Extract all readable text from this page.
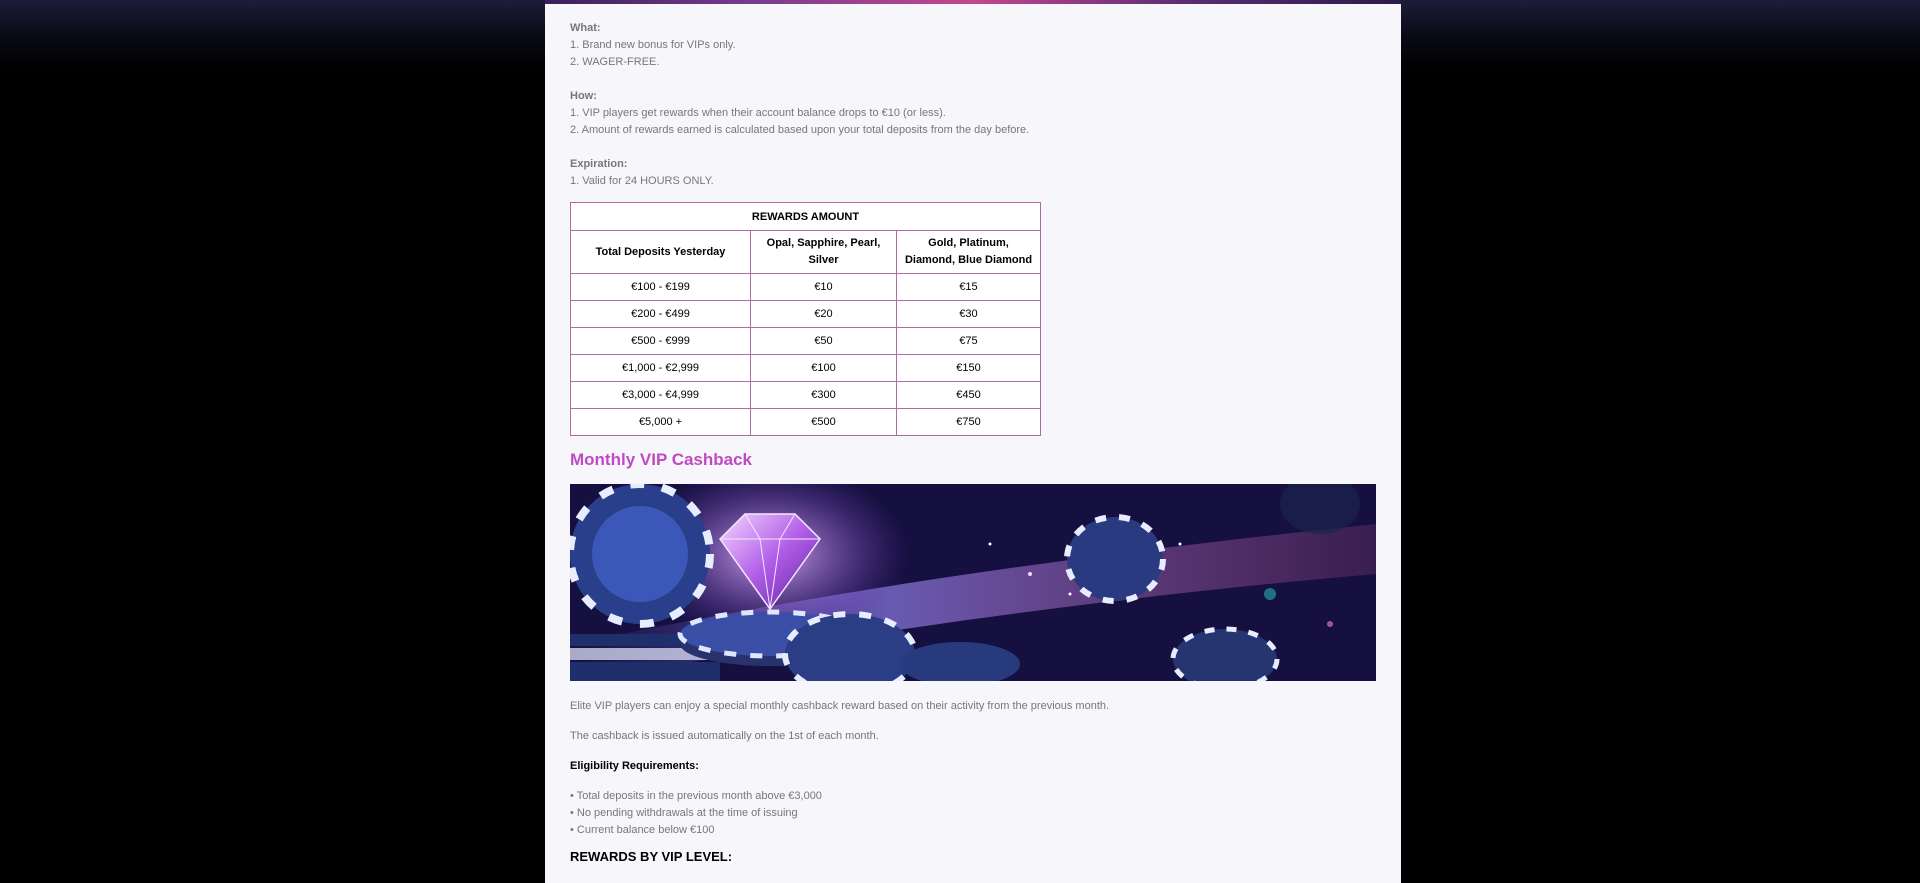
What:
1. Brand new bonus for VIPs only.
2. WAGER-FREE.
How:
1. VIP players get rewards when their account balance drops to €10 (or less).
2. Amount of rewards earned is calculated based upon your total deposits from the day before.
Expiration:
1. Valid for 24 HOURS ONLY.
REWARDS AMOUNT		
Total Deposits Yesterday	Opal, Sapphire, Pearl, Silver	Gold, Platinum, Diamond, Blue Diamond
€100 - €199	€10	€15
€200 - €499	€20	€30
€500 - €999	€50	€75
€1,000 - €2,999	€100	€150
€3,000 - €4,999	€300	€450
€5,000 +	€500	€750
Monthly VIP Cashback
Elite VIP players can enjoy a special monthly cashback reward based on their activity from the previous month.
The cashback is issued automatically on the 1st of each month.
Eligibility Requirements:
• Total deposits in the previous month above €3,000
• No pending withdrawals at the time of issuing
• Current balance below €100
REWARDS BY VIP LEVEL:
